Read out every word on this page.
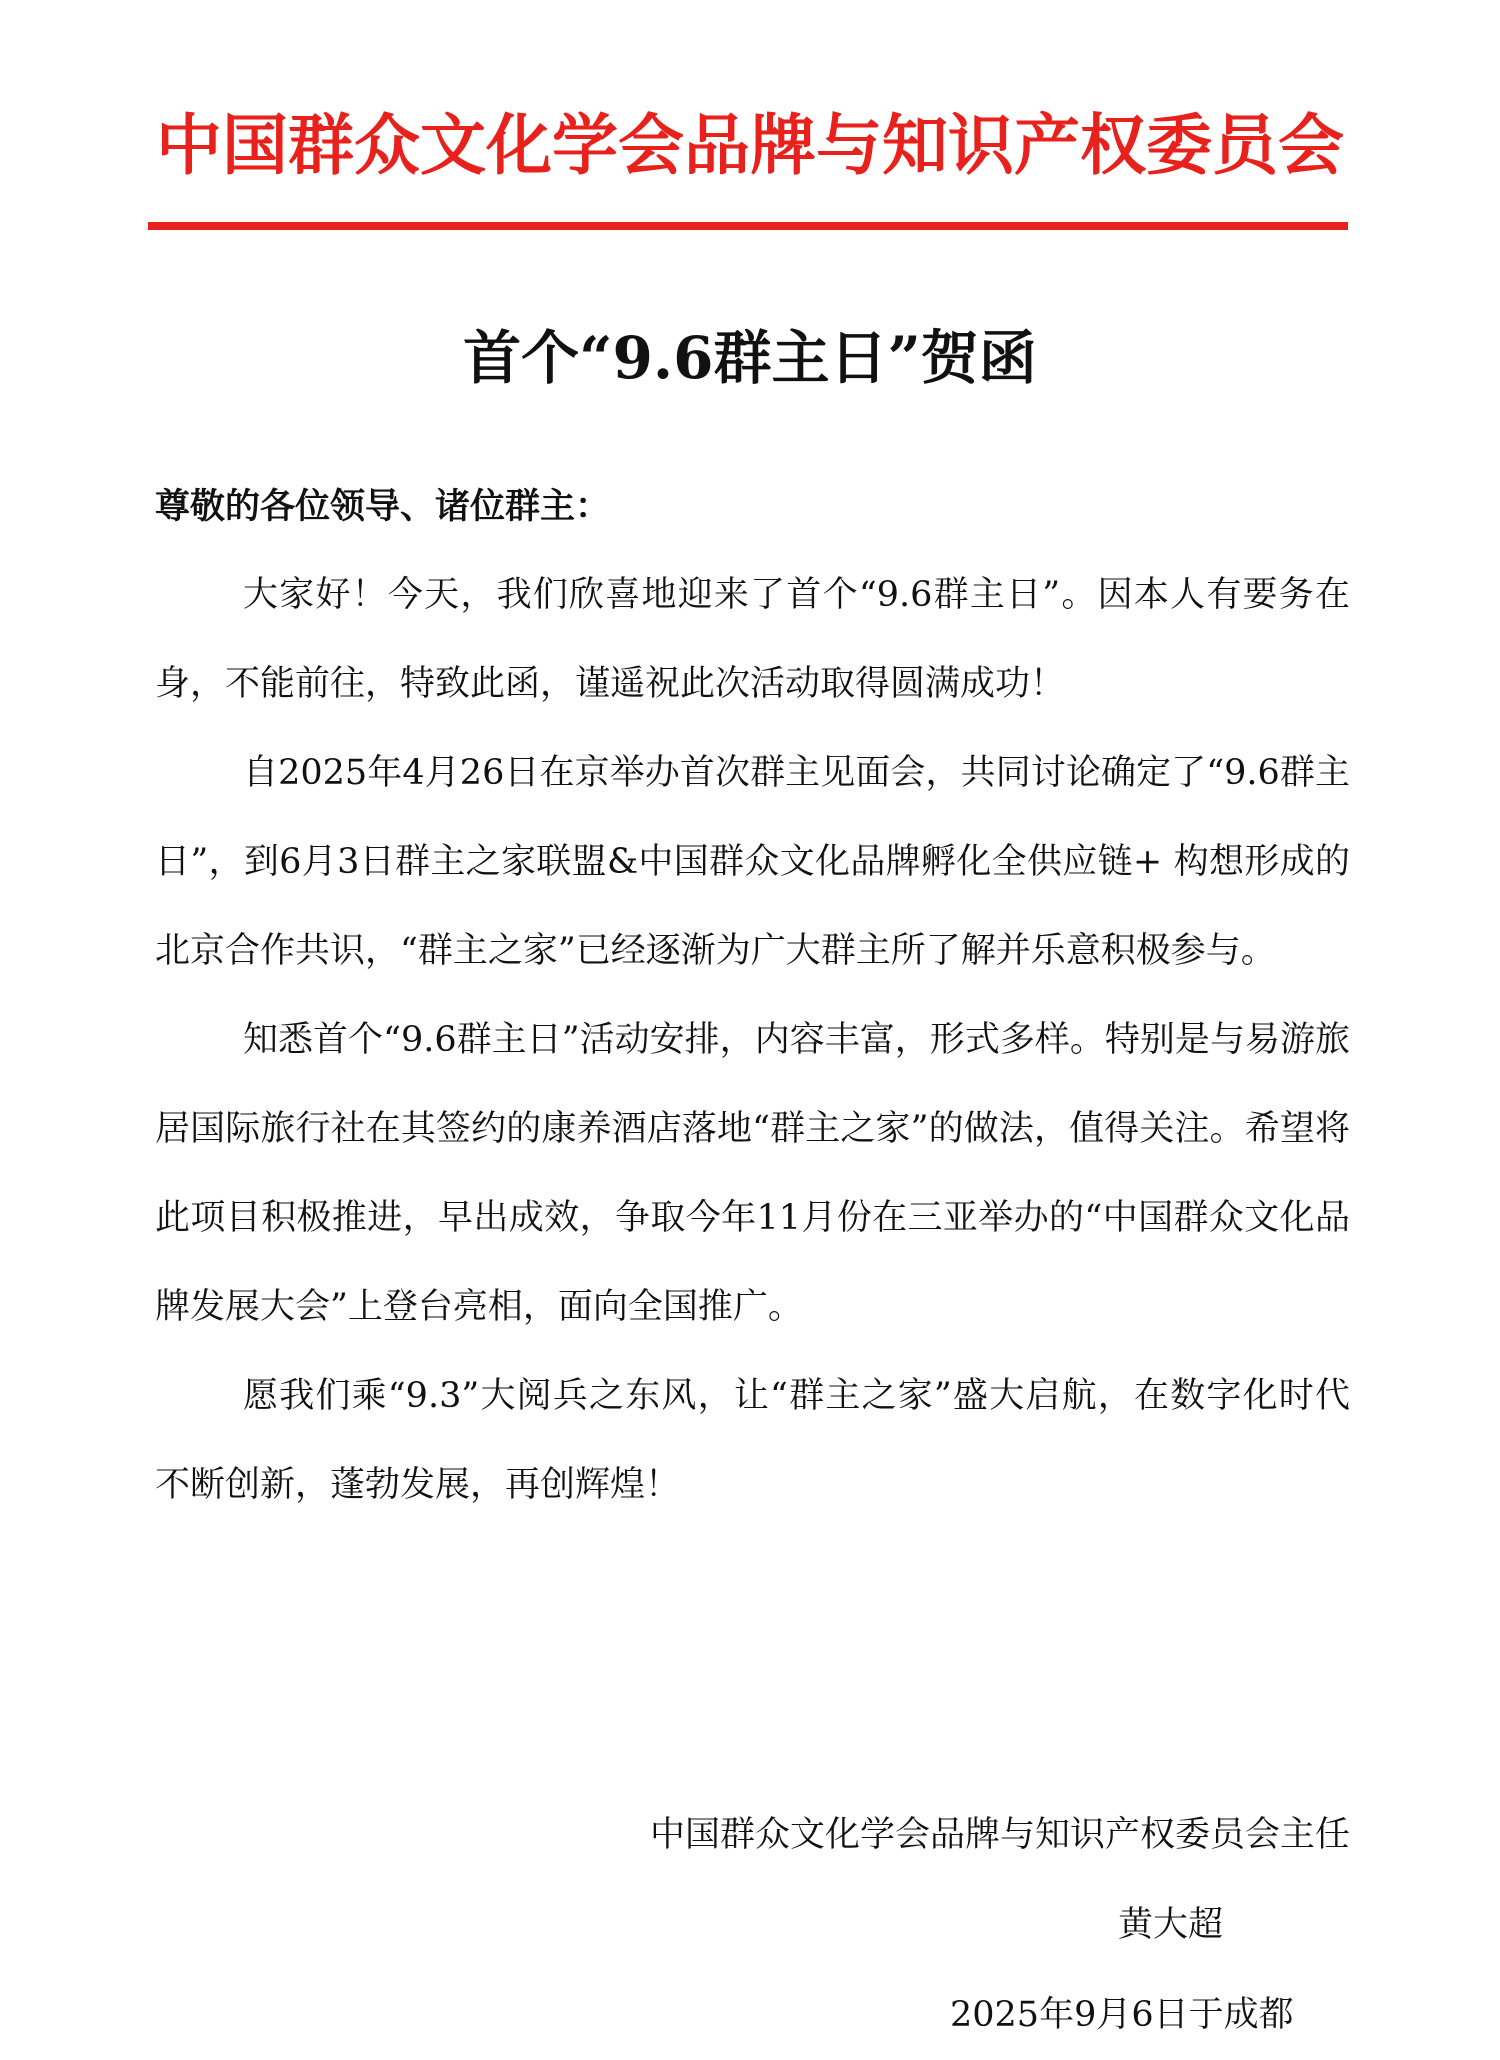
中国群众文化学会品牌与知识产权委员会
首个“9.6群主日”贺函

尊敬的各位领导、诸位群主：

大家好！今天，我们欣喜地迎来了首个“9.6群主日”。因本人有要务在身，不能前往，特致此函，谨遥祝此次活动取得圆满成功！

自2025年4月26日在京举办首次群主见面会，共同讨论确定了“9.6群主日”，到6月3日群主之家联盟&中国群众文化品牌孵化全供应链+ 构想形成的北京合作共识，“群主之家”已经逐渐为广大群主所了解并乐意积极参与。

知悉首个“9.6群主日”活动安排，内容丰富，形式多样。特别是与易游旅居国际旅行社在其签约的康养酒店落地“群主之家”的做法，值得关注。希望将此项目积极推进，早出成效，争取今年11月份在三亚举办的“中国群众文化品牌发展大会”上登台亮相，面向全国推广。

愿我们乘“9.3”大阅兵之东风，让“群主之家”盛大启航，在数字化时代不断创新，蓬勃发展，再创辉煌！

中国群众文化学会品牌与知识产权委员会主任
黄大超
2025年9月6日于成都
